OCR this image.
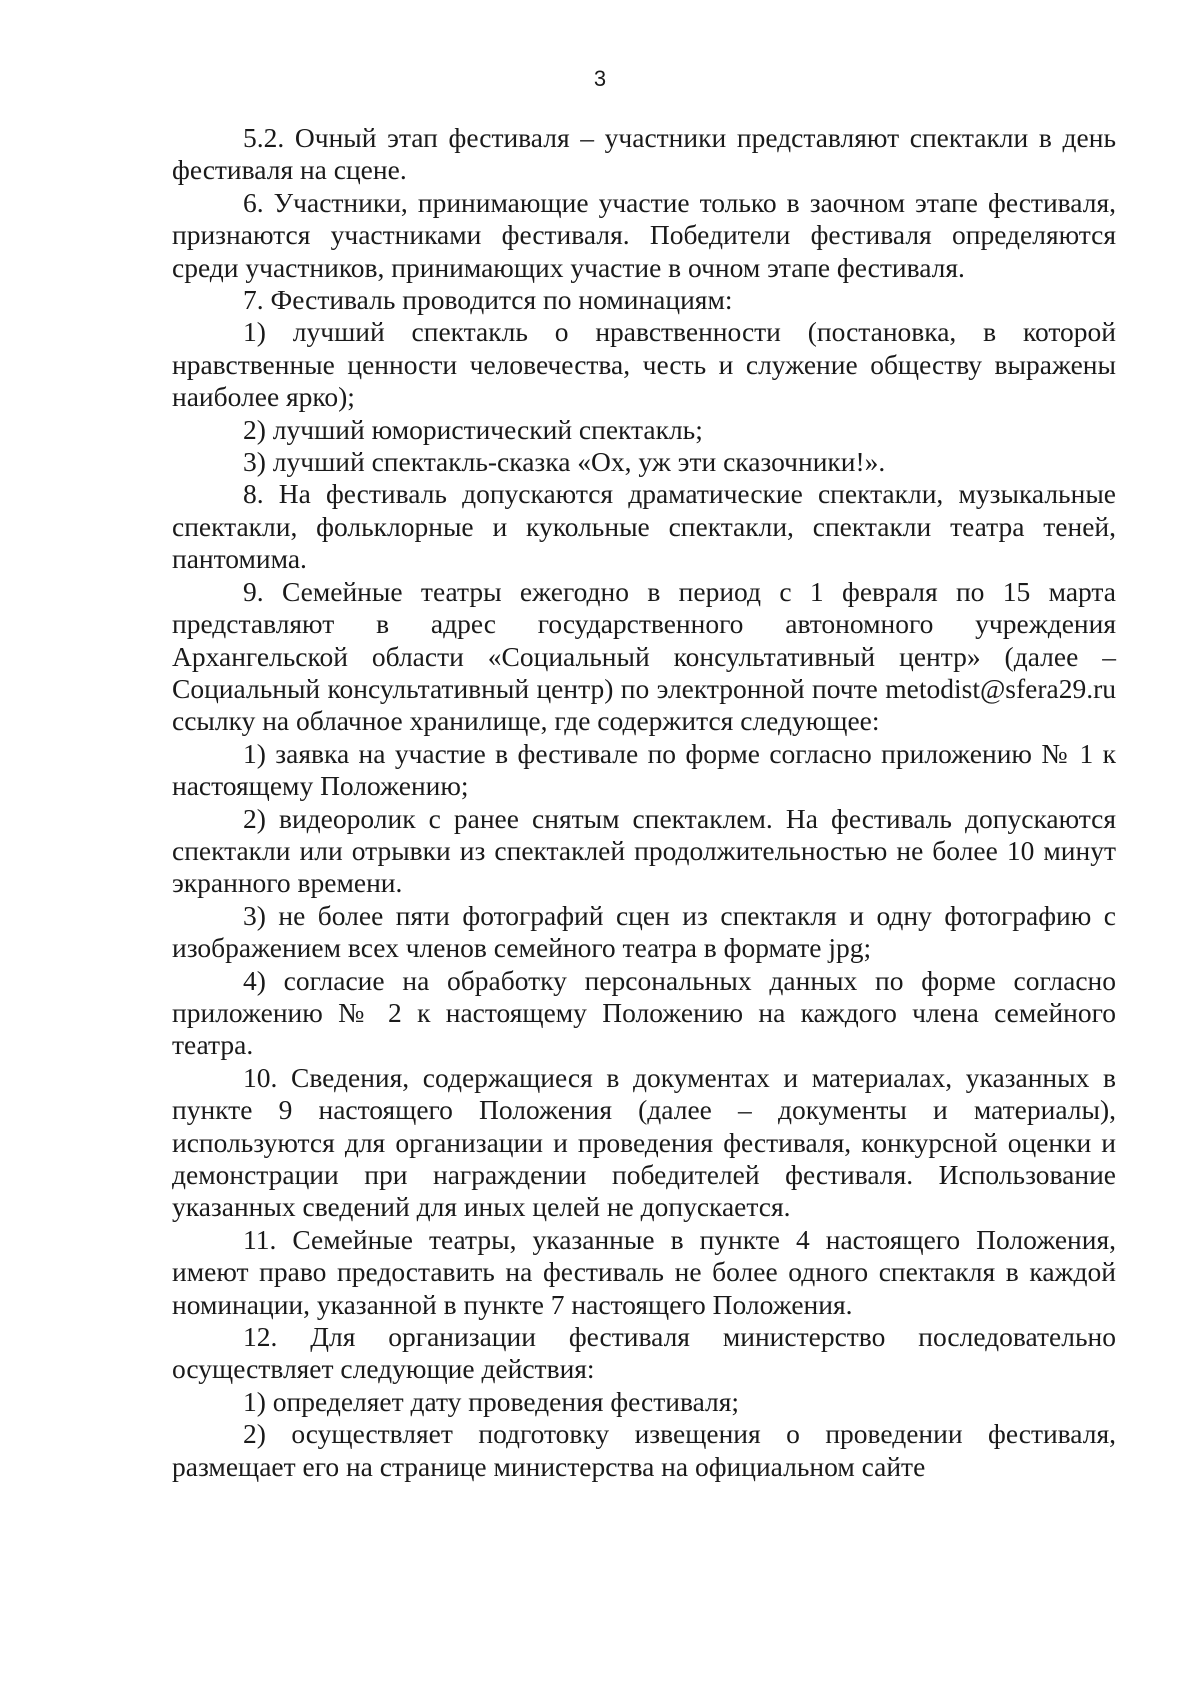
3

5.2. Очный этап фестиваля – участники представляют спектакли в день фестиваля на сцене.

6. Участники, принимающие участие только в заочном этапе фестиваля, признаются участниками фестиваля. Победители фестиваля определяются среди участников, принимающих участие в очном этапе фестиваля.

7. Фестиваль проводится по номинациям:

1) лучший спектакль о нравственности (постановка, в которой нравственные ценности человечества, честь и служение обществу выражены наиболее ярко);

2) лучший юмористический спектакль;

3) лучший спектакль-сказка «Ох, уж эти сказочники!».

8. На фестиваль допускаются драматические спектакли, музыкальные спектакли, фольклорные и кукольные спектакли, спектакли театра теней, пантомима.

9. Семейные театры ежегодно в период с 1 февраля по 15 марта представляют в адрес государственного автономного учреждения Архангельской области «Социальный консультативный центр» (далее – Социальный консультативный центр) по электронной почте metodist@sfera29.ru ссылку на облачное хранилище, где содержится следующее:

1) заявка на участие в фестивале по форме согласно приложению № 1 к настоящему Положению;

2) видеоролик с ранее снятым спектаклем. На фестиваль допускаются спектакли или отрывки из спектаклей продолжительностью не более 10 минут экранного времени.

3) не более пяти фотографий сцен из спектакля и одну фотографию с изображением всех членов семейного театра в формате jpg;

4) согласие на обработку персональных данных по форме согласно приложению № 2 к настоящему Положению на каждого члена семейного театра.

10. Сведения, содержащиеся в документах и материалах, указанных в пункте 9 настоящего Положения (далее – документы и материалы), используются для организации и проведения фестиваля, конкурсной оценки и демонстрации при награждении победителей фестиваля. Использование указанных сведений для иных целей не допускается.

11. Семейные театры, указанные в пункте 4 настоящего Положения, имеют право предоставить на фестиваль не более одного спектакля в каждой номинации, указанной в пункте 7 настоящего Положения.

12. Для организации фестиваля министерство последовательно осуществляет следующие действия:

1) определяет дату проведения фестиваля;

2) осуществляет подготовку извещения о проведении фестиваля, размещает его на странице министерства на официальном сайте
